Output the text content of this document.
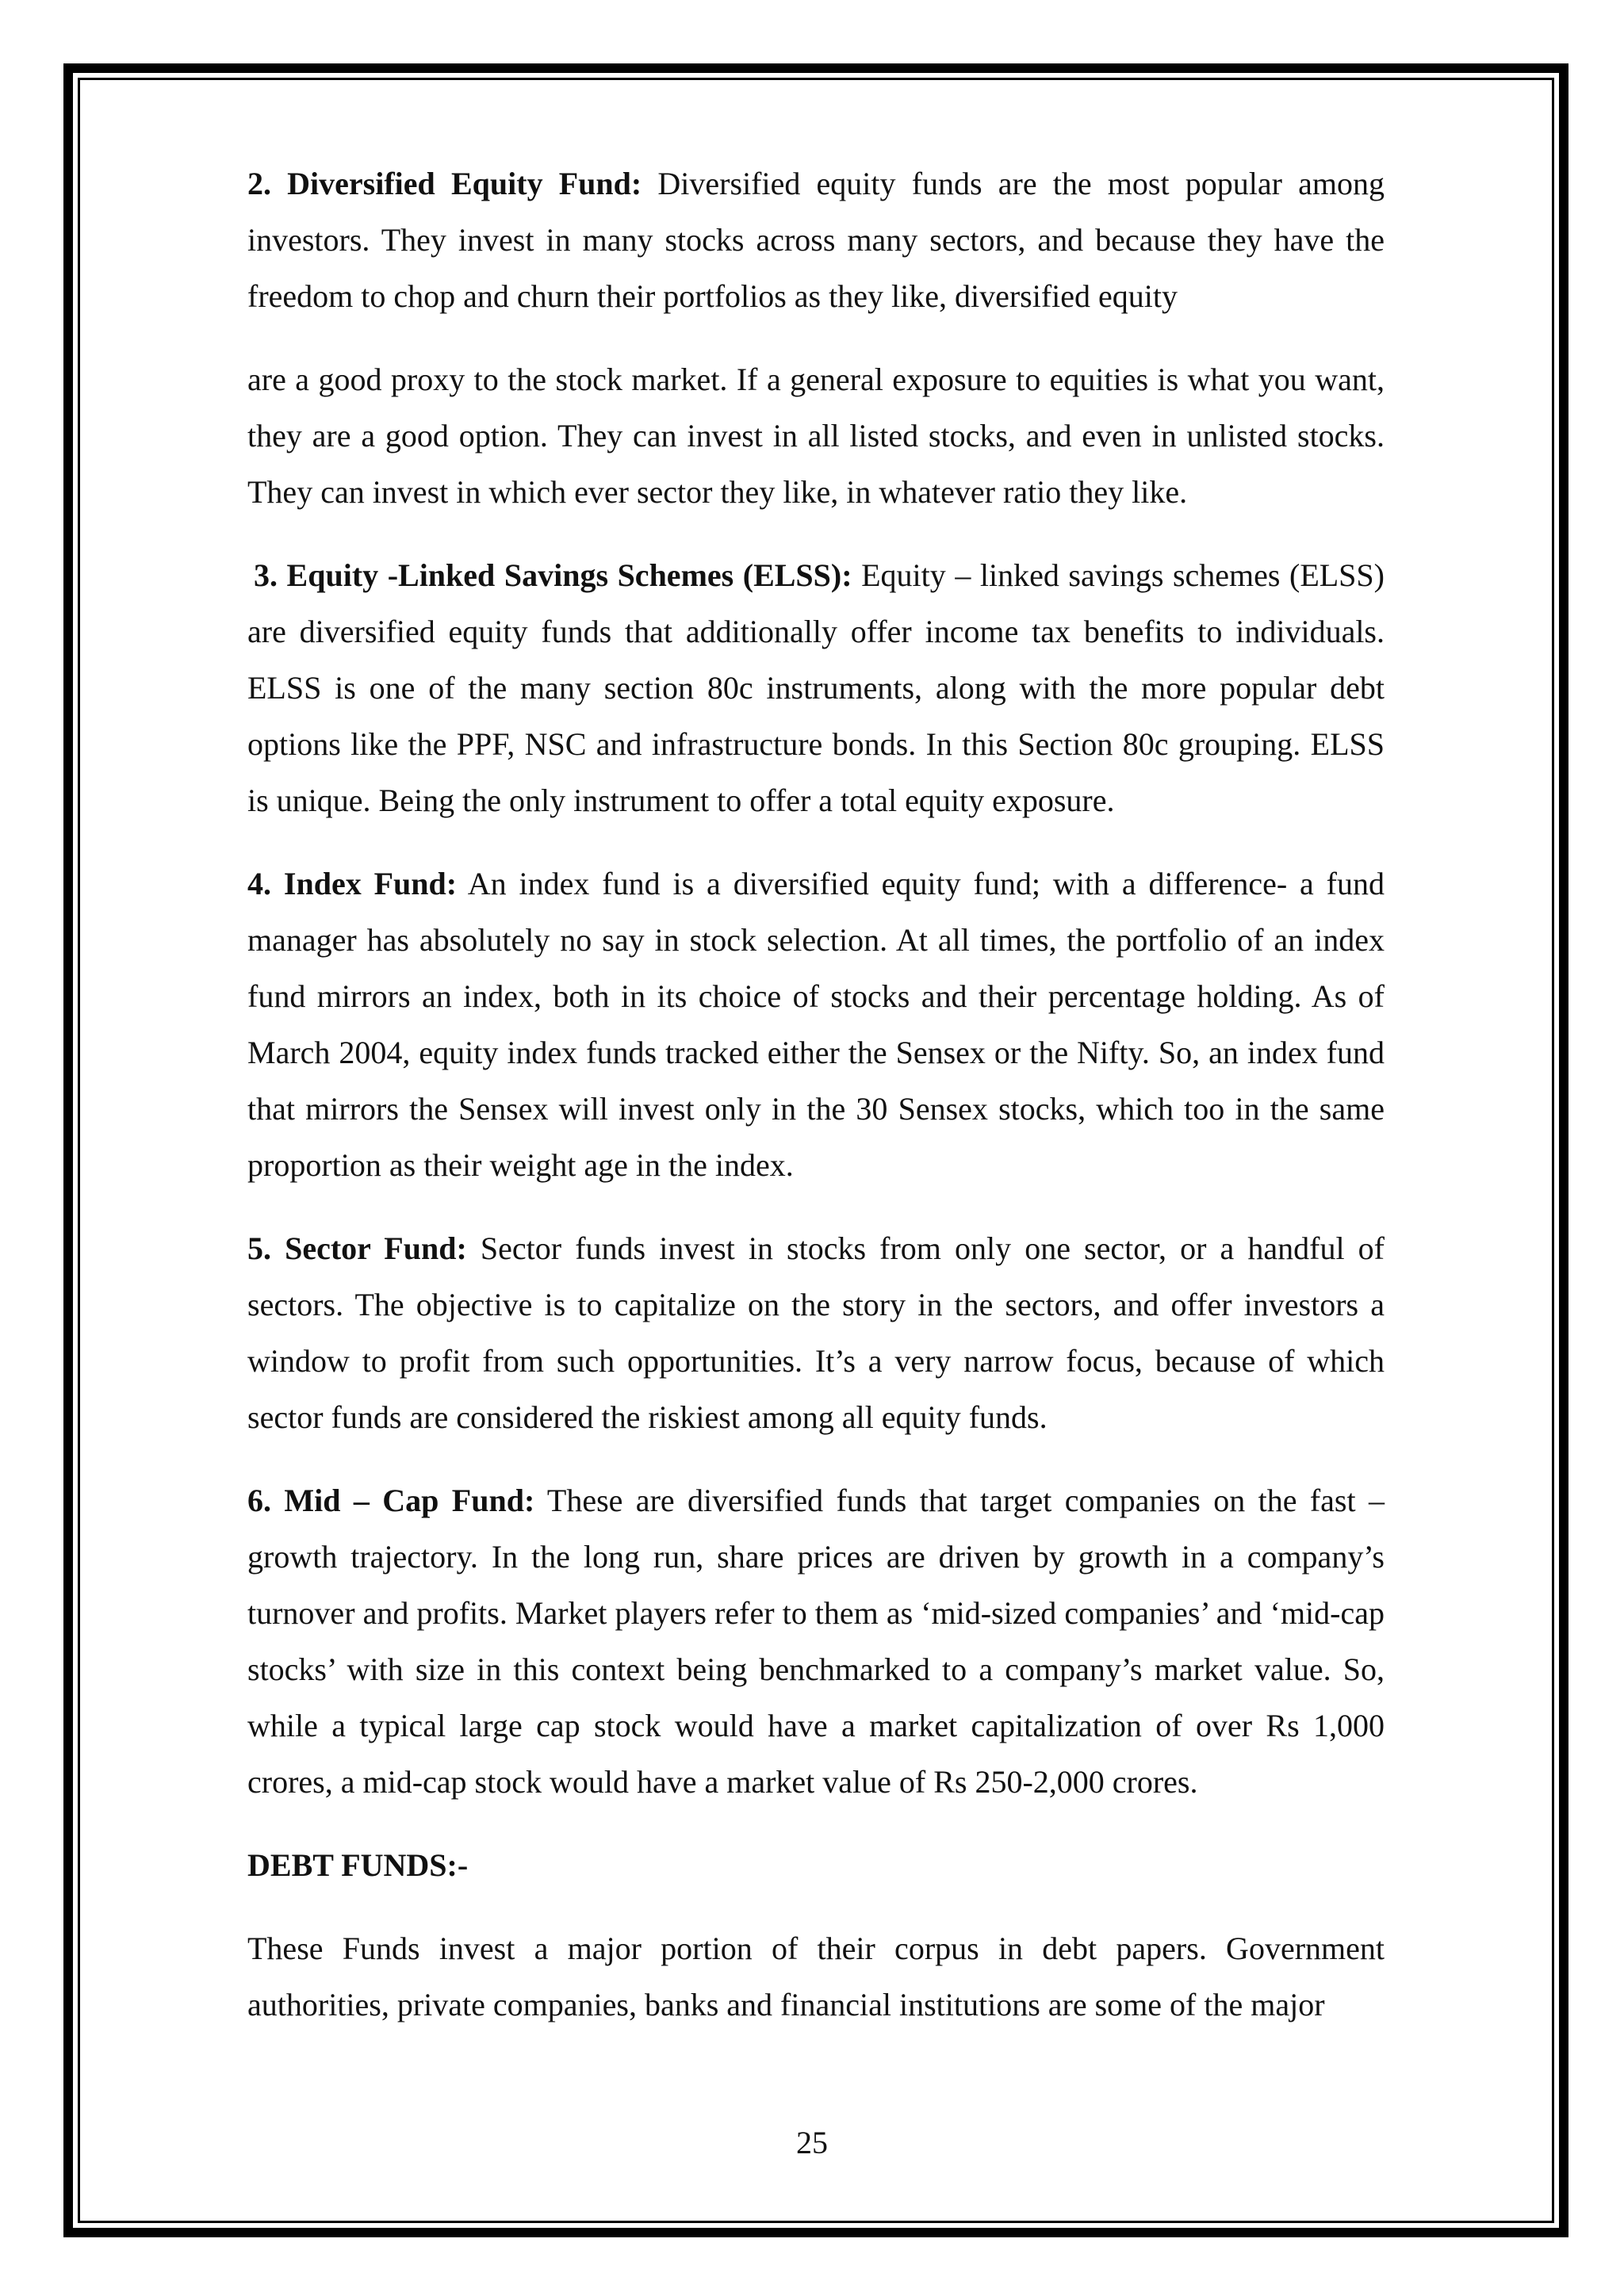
2. Diversified Equity Fund: Diversified equity funds are the most popular among investors. They invest in many stocks across many sectors, and because they have the freedom to chop and churn their portfolios as they like, diversified equity

are a good proxy to the stock market. If a general exposure to equities is what you want, they are a good option. They can invest in all listed stocks, and even in unlisted stocks. They can invest in which ever sector they like, in whatever ratio they like.

3. Equity -Linked Savings Schemes (ELSS): Equity – linked savings schemes (ELSS) are diversified equity funds that additionally offer income tax benefits to individuals. ELSS is one of the many section 80c instruments, along with the more popular debt options like the PPF, NSC and infrastructure bonds. In this Section 80c grouping. ELSS is unique. Being the only instrument to offer a total equity exposure.

4. Index Fund: An index fund is a diversified equity fund; with a difference- a fund manager has absolutely no say in stock selection. At all times, the portfolio of an index fund mirrors an index, both in its choice of stocks and their percentage holding. As of March 2004, equity index funds tracked either the Sensex or the Nifty. So, an index fund that mirrors the Sensex will invest only in the 30 Sensex stocks, which too in the same proportion as their weight age in the index.

5. Sector Fund: Sector funds invest in stocks from only one sector, or a handful of sectors. The objective is to capitalize on the story in the sectors, and offer investors a window to profit from such opportunities. It’s a very narrow focus, because of which sector funds are considered the riskiest among all equity funds.

6. Mid – Cap Fund: These are diversified funds that target companies on the fast – growth trajectory. In the long run, share prices are driven by growth in a company’s turnover and profits. Market players refer to them as ‘mid-sized companies’ and ‘mid-cap stocks’ with size in this context being benchmarked to a company’s market value. So, while a typical large cap stock would have a market capitalization of over Rs 1,000 crores, a mid-cap stock would have a market value of Rs 250-2,000 crores.

DEBT FUNDS:-

These Funds invest a major portion of their corpus in debt papers. Government authorities, private companies, banks and financial institutions are some of the major

25
